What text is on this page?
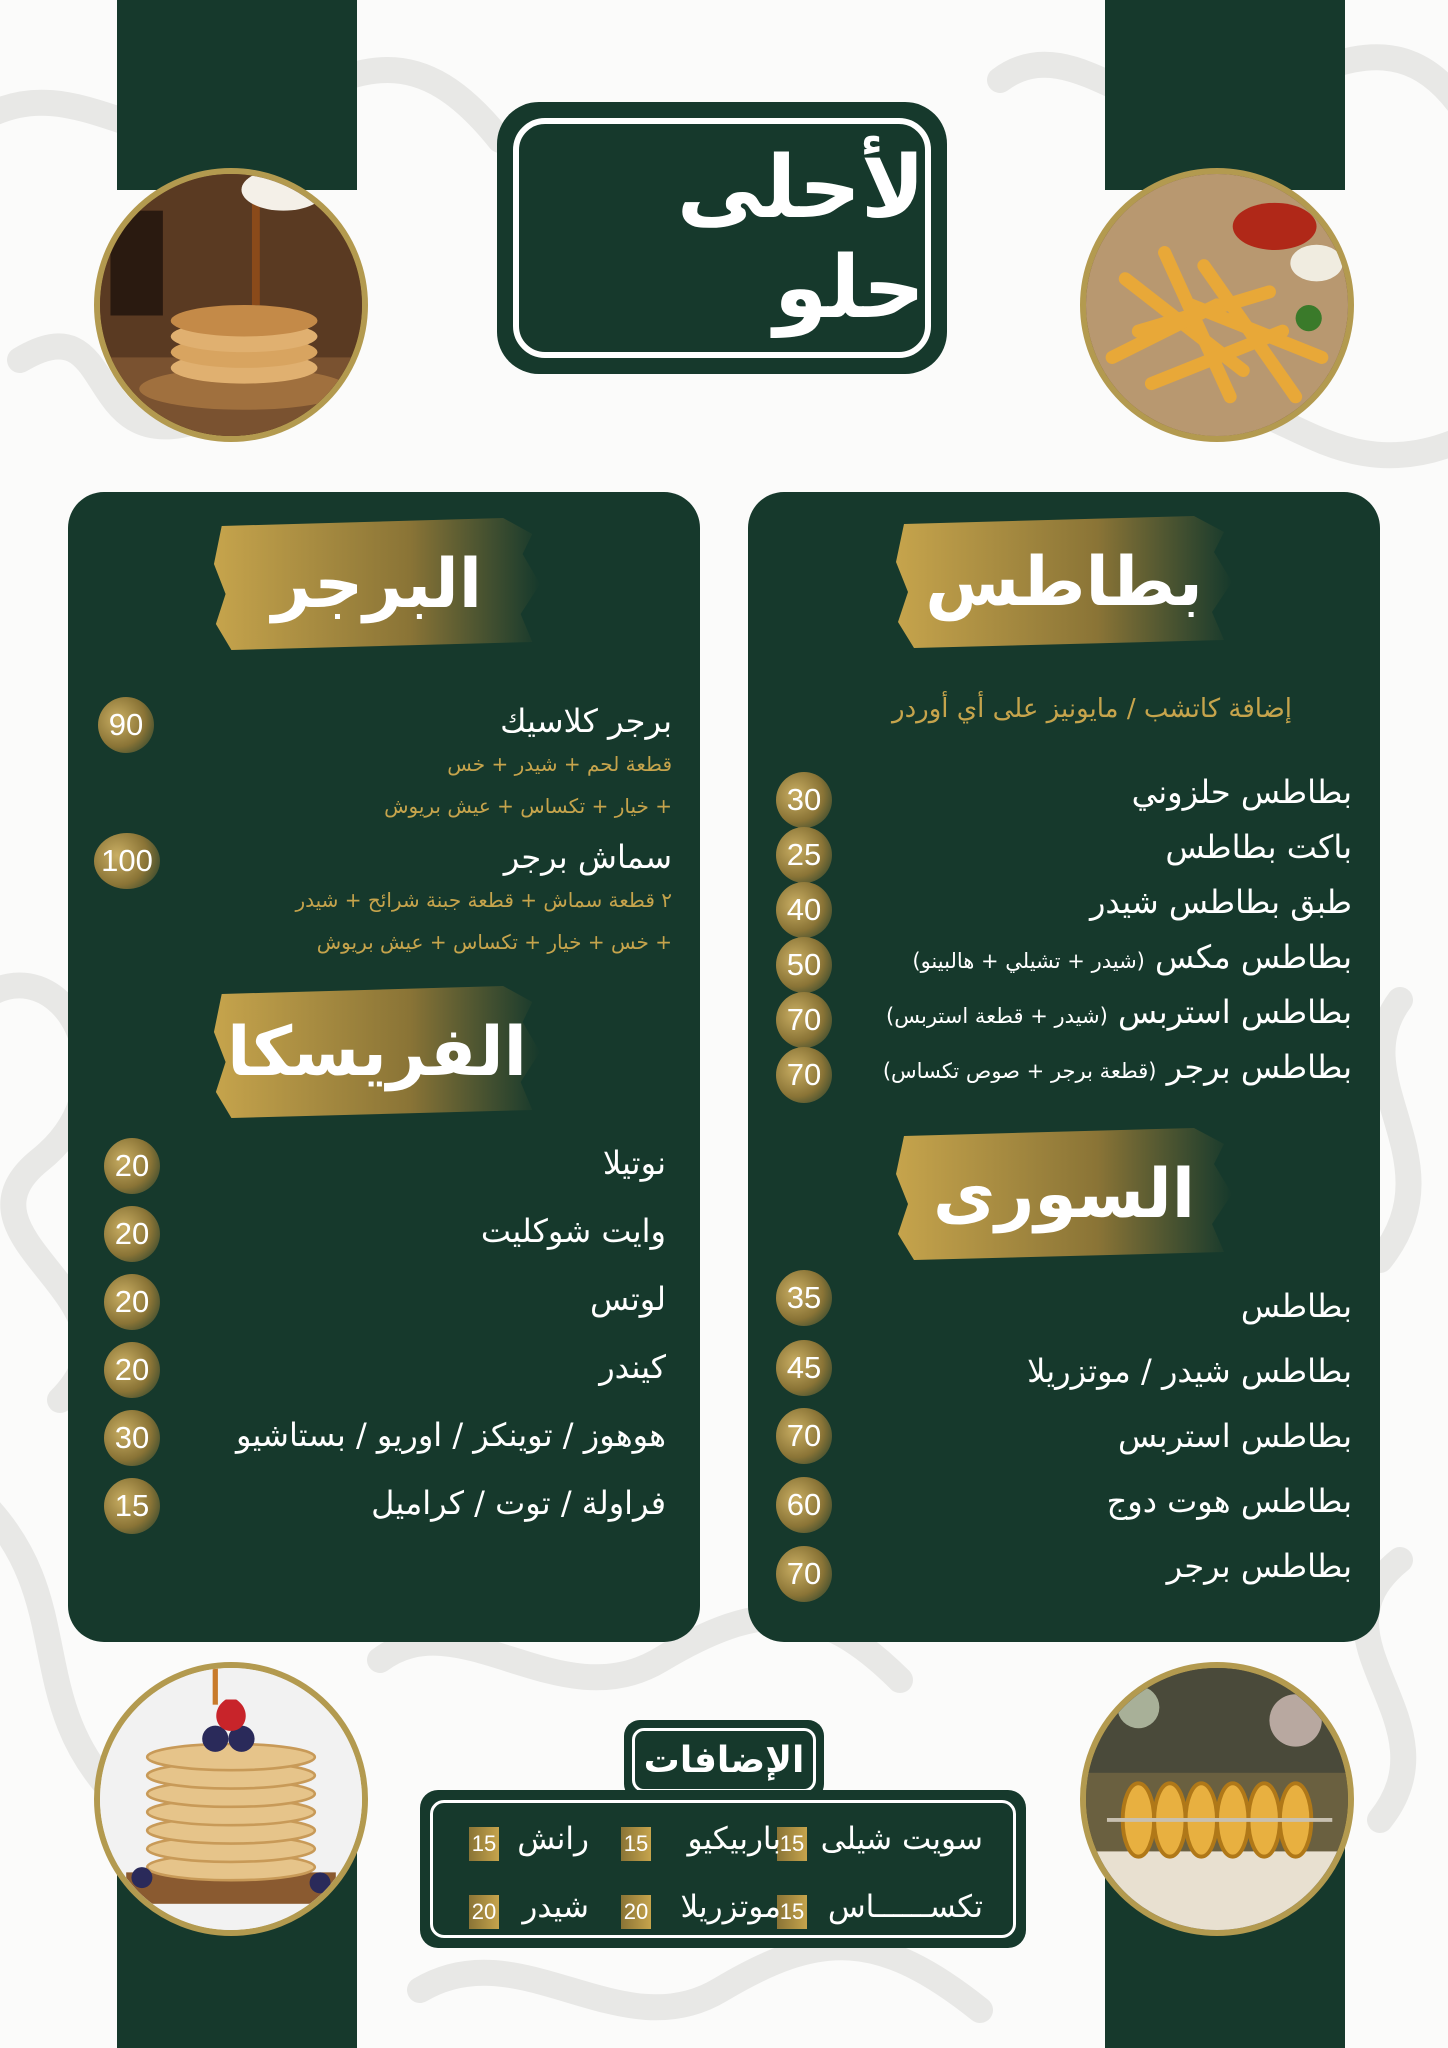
لأحلى حلو
بطاطس
إضافة كاتشب / مايونيز على أي أوردر
بطاطس حلزوني
30
باكت بطاطس
25
طبق بطاطس شيدر
40
بطاطس مكس (شيدر + تشيلي + هالبينو)
50
بطاطس استربس (شيدر + قطعة استربس)
70
بطاطس برجر (قطعة برجر + صوص تكساس)
70
السورى
بطاطس
35
بطاطس شيدر / موتزريلا
45
بطاطس استربس
70
بطاطس هوت دوج
60
بطاطس برجر
70
البرجر
برجر كلاسيك
قطعة لحم + شيدر + خس
+ خيار + تكساس + عيش بريوش
90
سماش برجر
٢ قطعة سماش + قطعة جبنة شرائح + شيدر
+ خس + خيار + تكساس + عيش بريوش
100
الفريسكا
نوتيلا
20
وايت شوكليت
20
لوتس
20
كيندر
20
هوهوز / توينكز / اوريو / بستاشيو
30
فراولة / توت / كراميل
15
الإضافات
سويت شيلى
15
باربيكيو
15
رانش
15
تكســــــاس
15
موتزريلا
20
شيدر
20
